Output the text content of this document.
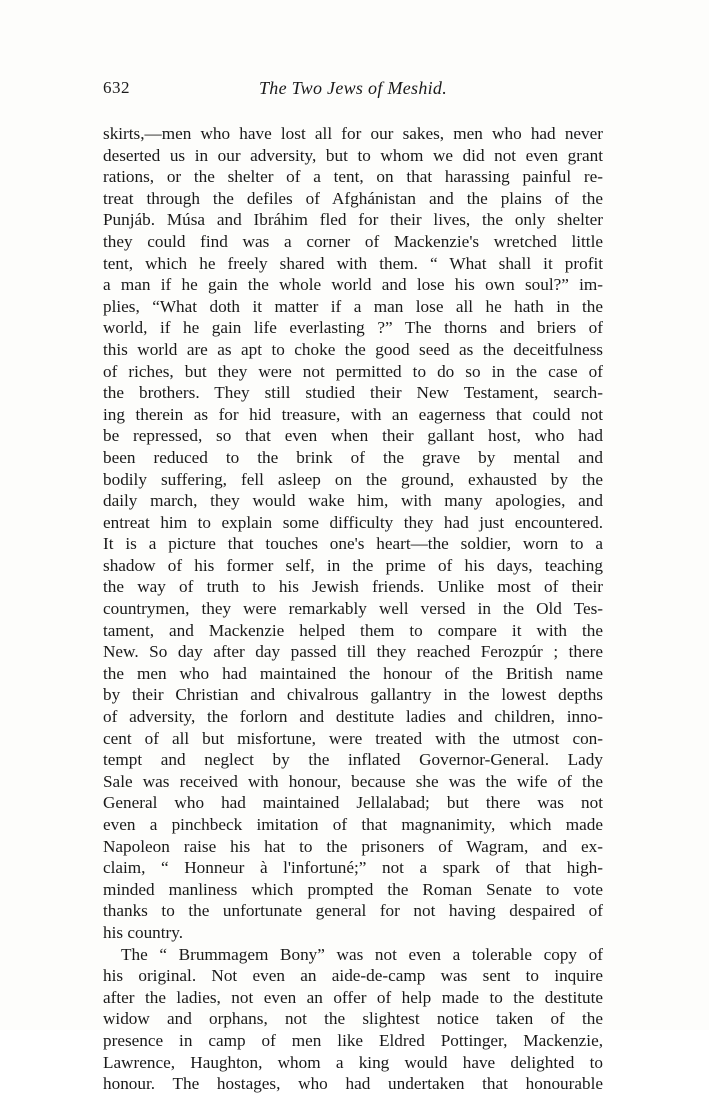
632	The Two Jews of Meshid.
skirts,—men who have lost all for our sakes, men who had never
deserted us in our adversity, but to whom we did not even grant
rations, or the shelter of a tent, on that harassing painful re-
treat through the defiles of Afghánistan and the plains of the
Punjáb. Músa and Ibráhim fled for their lives, the only shelter
they could find was a corner of Mackenzie's wretched little
tent, which he freely shared with them. “ What shall it profit
a man if he gain the whole world and lose his own soul?” im-
plies, “What doth it matter if a man lose all he hath in the
world, if he gain life everlasting ?” The thorns and briers of
this world are as apt to choke the good seed as the deceitfulness
of riches, but they were not permitted to do so in the case of
the brothers. They still studied their New Testament, search-
ing therein as for hid treasure, with an eagerness that could not
be repressed, so that even when their gallant host, who had
been reduced to the brink of the grave by mental and
bodily suffering, fell asleep on the ground, exhausted by the
daily march, they would wake him, with many apologies, and
entreat him to explain some difficulty they had just encountered.
It is a picture that touches one's heart—the soldier, worn to a
shadow of his former self, in the prime of his days, teaching
the way of truth to his Jewish friends. Unlike most of their
countrymen, they were remarkably well versed in the Old Tes-
tament, and Mackenzie helped them to compare it with the
New. So day after day passed till they reached Ferozpúr ; there
the men who had maintained the honour of the British name
by their Christian and chivalrous gallantry in the lowest depths
of adversity, the forlorn and destitute ladies and children, inno-
cent of all but misfortune, were treated with the utmost con-
tempt and neglect by the inflated Governor-General. Lady
Sale was received with honour, because she was the wife of the
General who had maintained Jellalabad; but there was not
even a pinchbeck imitation of that magnanimity, which made
Napoleon raise his hat to the prisoners of Wagram, and ex-
claim, “ Honneur à l'infortuné;” not a spark of that high-
minded manliness which prompted the Roman Senate to vote
thanks to the unfortunate general for not having despaired of
his country.
The “ Brummagem Bony” was not even a tolerable copy of
his original. Not even an aide-de-camp was sent to inquire
after the ladies, not even an offer of help made to the destitute
widow and orphans, not the slightest notice taken of the
presence in camp of men like Eldred Pottinger, Mackenzie,
Lawrence, Haughton, whom a king would have delighted to
honour. The hostages, who had undertaken that honourable
